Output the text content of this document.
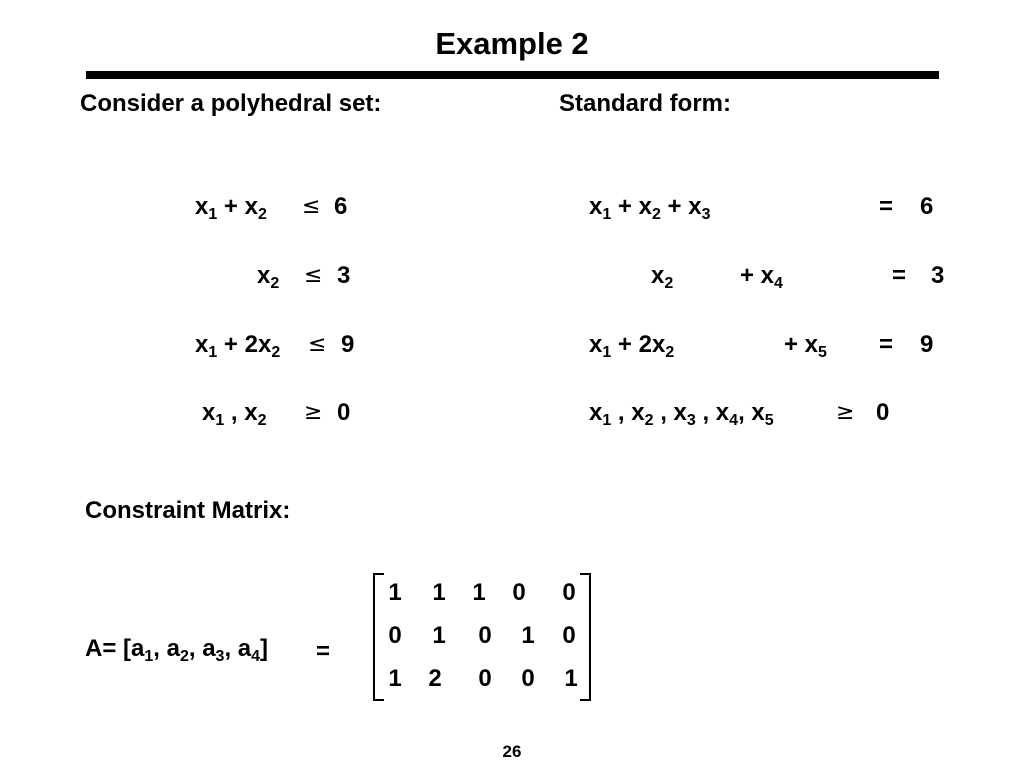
Example 2
Consider a polyhedral set:	Standard form:
$x_1 + x_2 \le 6$
$x_2 \le 3$
$x_1 + 2x_2 \le 9$
$x_1$ , $x_2 \ge 0$
$x_1 + x_2 + x_3$	= 6
$x_2$	+ $x_4$	= 3
$x_1 + 2x_2$	+ $x_5 = 9$
$x_1$ , $x_2$ , $x_3$ , $x_4$, $x_5$	≥ 0
Constraint Matrix:
$A= [a_1$, $a_2$, $a_3$, $a_4$] =
1 1 1 0 0
0 1 0 1 0
1 2 0 0 1
26
